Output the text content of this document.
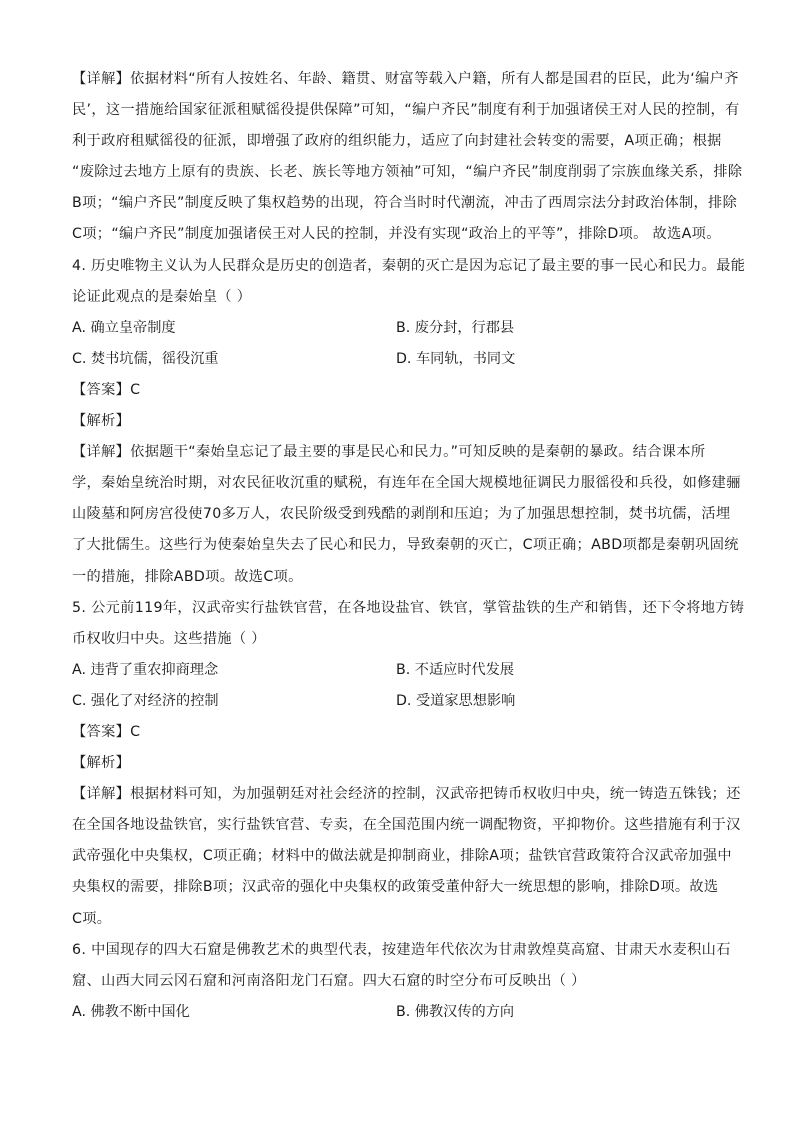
【详解】依据材料“所有人按姓名、年龄、籍贯、财富等载入户籍，所有人都是国君的臣民，此为‘编户齐
民’，这一措施给国家征派租赋徭役提供保障”可知，“编户齐民”制度有利于加强诸侯王对人民的控制，有
利于政府租赋徭役的征派，即增强了政府的组织能力，适应了向封建社会转变的需要，A项正确；根据
“废除过去地方上原有的贵族、长老、族长等地方领袖”可知，“编户齐民”制度削弱了宗族血缘关系，排除
B项；“编户齐民”制度反映了集权趋势的出现，符合当时时代潮流，冲击了西周宗法分封政治体制，排除
C项；“编户齐民”制度加强诸侯王对人民的控制，并没有实现“政治上的平等”，排除D项。 故选A项。
4. 历史唯物主义认为人民群众是历史的创造者，秦朝的灭亡是因为忘记了最主要的事一民心和民力。最能
论证此观点的是秦始皇（ ）
A. 确立皇帝制度	B. 废分封，行郡县
C. 焚书坑儒，徭役沉重	D. 车同轨，书同文
【答案】C
【解析】
【详解】依据题干“秦始皇忘记了最主要的事是民心和民力。”可知反映的是秦朝的暴政。结合课本所
学，秦始皇统治时期，对农民征收沉重的赋税，有连年在全国大规模地征调民力服徭役和兵役，如修建骊
山陵墓和阿房宫役使70多万人，农民阶级受到残酷的剥削和压迫；为了加强思想控制，焚书坑儒，活埋
了大批儒生。这些行为使秦始皇失去了民心和民力，导致秦朝的灭亡，C项正确；ABD项都是秦朝巩固统
一的措施，排除ABD项。故选C项。
5. 公元前119年，汉武帝实行盐铁官营，在各地设盐官、铁官，掌管盐铁的生产和销售，还下令将地方铸
币权收归中央。这些措施（ ）
A. 违背了重农抑商理念	B. 不适应时代发展
C. 强化了对经济的控制	D. 受道家思想影响
【答案】C
【解析】
【详解】根据材料可知，为加强朝廷对社会经济的控制，汉武帝把铸币权收归中央，统一铸造五铢钱；还
在全国各地设盐铁官，实行盐铁官营、专卖，在全国范围内统一调配物资，平抑物价。这些措施有利于汉
武帝强化中央集权，C项正确；材料中的做法就是抑制商业，排除A项；盐铁官营政策符合汉武帝加强中
央集权的需要，排除B项；汉武帝的强化中央集权的政策受董仲舒大一统思想的影响，排除D项。故选
C项。
6. 中国现存的四大石窟是佛教艺术的典型代表，按建造年代依次为甘肃敦煌莫高窟、甘肃天水麦积山石
窟、山西大同云冈石窟和河南洛阳龙门石窟。四大石窟的时空分布可反映出（ ）
A. 佛教不断中国化	B. 佛教汉传的方向
